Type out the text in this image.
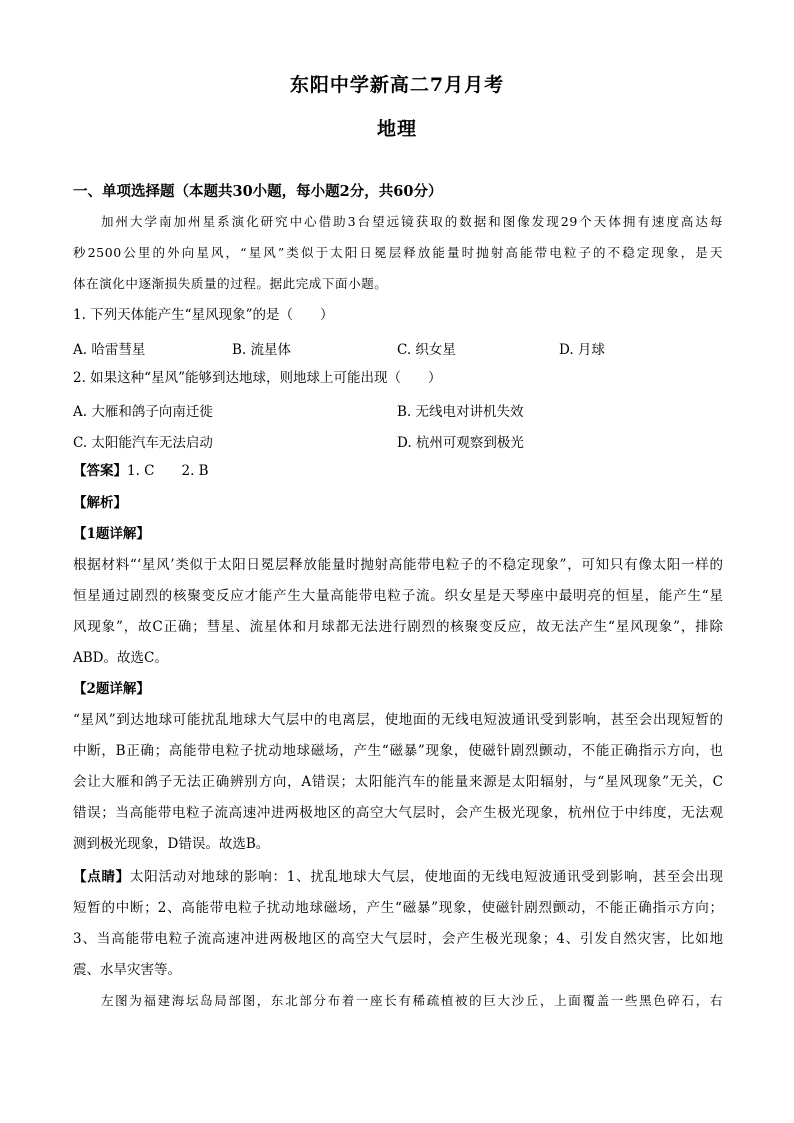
东阳中学新高二7月月考
地理
一、单项选择题（本题共30小题，每小题2分，共60分）
加州大学南加州星系演化研究中心借助3台望远镜获取的数据和图像发现29个天体拥有速度高达每
秒2500公里的外向星风，“星风”类似于太阳日冕层释放能量时抛射高能带电粒子的不稳定现象，是天
体在演化中逐渐损失质量的过程。据此完成下面小题。
1. 下列天体能产生“星风现象”的是（　　）
A. 哈雷彗星	B. 流星体	C. 织女星	D. 月球
2. 如果这种“星风”能够到达地球，则地球上可能出现（　　）
A. 大雁和鸽子向南迁徙	B. 无线电对讲机失效
C. 太阳能汽车无法启动	D. 杭州可观察到极光
【答案】1. C　　2. B
【解析】
【1题详解】
根据材料“‘星风’类似于太阳日冕层释放能量时抛射高能带电粒子的不稳定现象”，可知只有像太阳一样的
恒星通过剧烈的核聚变反应才能产生大量高能带电粒子流。织女星是天琴座中最明亮的恒星，能产生“星
风现象”，故C正确；彗星、流星体和月球都无法进行剧烈的核聚变反应，故无法产生“星风现象”，排除
ABD。故选C。
【2题详解】
“星风”到达地球可能扰乱地球大气层中的电离层，使地面的无线电短波通讯受到影响，甚至会出现短暂的
中断，B正确；高能带电粒子扰动地球磁场，产生“磁暴”现象，使磁针剧烈颤动，不能正确指示方向，也
会让大雁和鸽子无法正确辨别方向，A错误；太阳能汽车的能量来源是太阳辐射，与“星风现象”无关，C
错误；当高能带电粒子流高速冲进两极地区的高空大气层时，会产生极光现象，杭州位于中纬度，无法观
测到极光现象，D错误。故选B。
【点睛】太阳活动对地球的影响：1、扰乱地球大气层，使地面的无线电短波通讯受到影响，甚至会出现
短暂的中断；2、高能带电粒子扰动地球磁场，产生“磁暴”现象，使磁针剧烈颤动，不能正确指示方向；
3、当高能带电粒子流高速冲进两极地区的高空大气层时，会产生极光现象；4、引发自然灾害，比如地
震、水旱灾害等。
左图为福建海坛岛局部图，东北部分布着一座长有稀疏植被的巨大沙丘，上面覆盖一些黑色碎石，右
